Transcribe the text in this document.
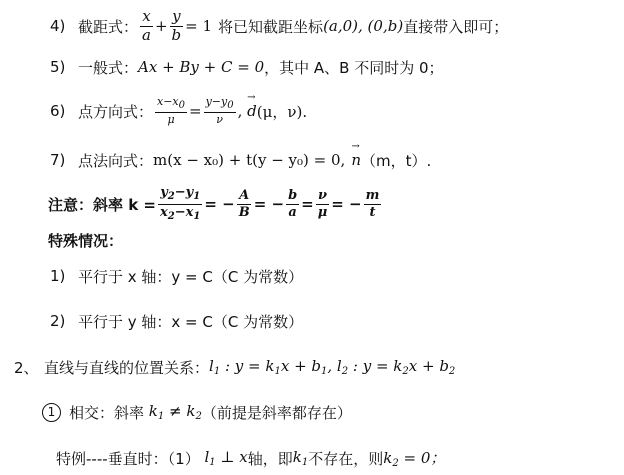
4) 截距式： $\frac{x}{a} + \frac{y}{b} = 1$ 将已知截距坐标 (a,0), (0,b) 直接带入即可；
5) 一般式： Ax + By + C = 0 ，其中 A、B 不同时为 0；
6) 点方向式： $\frac{x-x_0}{\mu} = \frac{y-y_0}{\nu}$ , → d (μ，ν).
7) 点法向式： m(x − x₀) + t(y − y₀) = 0, → n （m，t）.
注意：斜率 $k = \frac{y_2-y_1}{x_2-x_1}$ = − $\frac{A}{B}$ = − $\frac{b}{a} = \frac{\nu}{\mu}$ = − $\frac{m}{t}$
特殊情况：
1) 平行于 x 轴：y = C（C 为常数）
2) 平行于 y 轴：x = C（C 为常数）
2、 直线与直线的位置关系： $l_1$ : $y = k_1x + b_1$, $l_2$ : $y = k_2x + b_2$
1 相交：斜率 $k_1 \ne k_2$ （前提是斜率都存在）
特例----垂直时：（1） $l_1$ ⊥ x 轴，即 $k_1$ 不存在，则 $k_2 = 0$；
